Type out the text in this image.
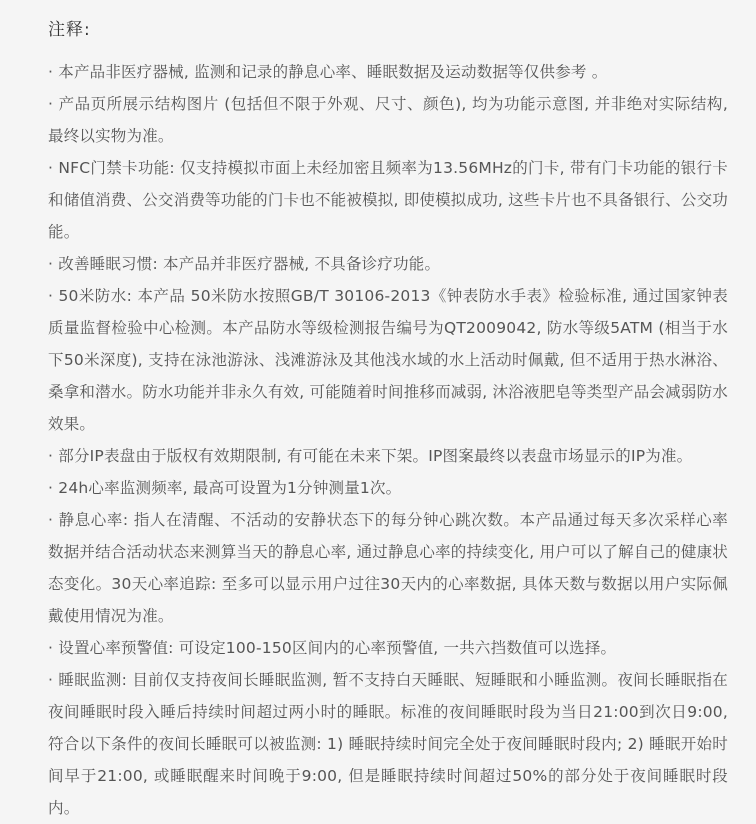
注释:
· 本产品非医疗器械, 监测和记录的静息心率、睡眠数据及运动数据等仅供参考 。
· 产品页所展示结构图片 (包括但不限于外观、尺寸、颜色), 均为功能示意图, 并非绝对实际结构, 最终以实物为准。
· NFC门禁卡功能: 仅支持模拟市面上未经加密且频率为13.56MHz的门卡, 带有门卡功能的银行卡和储值消费、公交消费等功能的门卡也不能被模拟, 即使模拟成功, 这些卡片也不具备银行、公交功能。
· 改善睡眠习惯: 本产品并非医疗器械, 不具备诊疗功能。
· 50米防水: 本产品 50米防水按照GB/T 30106-2013《钟表防水手表》检验标准, 通过国家钟表质量监督检验中心检测。本产品防水等级检测报告编号为QT2009042, 防水等级5ATM (相当于水下50米深度), 支持在泳池游泳、浅滩游泳及其他浅水域的水上活动时佩戴, 但不适用于热水淋浴、桑拿和潜水。防水功能并非永久有效, 可能随着时间推移而减弱, 沐浴液肥皂等类型产品会减弱防水效果。
· 部分IP表盘由于版权有效期限制, 有可能在未来下架。IP图案最终以表盘市场显示的IP为准。
· 24h心率监测频率, 最高可设置为1分钟测量1次。
· 静息心率: 指人在清醒、不活动的安静状态下的每分钟心跳次数。本产品通过每天多次采样心率数据并结合活动状态来测算当天的静息心率, 通过静息心率的持续变化, 用户可以了解自己的健康状态变化。30天心率追踪: 至多可以显示用户过往30天内的心率数据, 具体天数与数据以用户实际佩戴使用情况为准。
· 设置心率预警值: 可设定100-150区间内的心率预警值, 一共六挡数值可以选择。
· 睡眠监测: 目前仅支持夜间长睡眠监测, 暂不支持白天睡眠、短睡眠和小睡监测。夜间长睡眠指在夜间睡眠时段入睡后持续时间超过两小时的睡眠。标准的夜间睡眠时段为当日21:00到次日9:00, 符合以下条件的夜间长睡眠可以被监测: 1) 睡眠持续时间完全处于夜间睡眠时段内; 2) 睡眠开始时间早于21:00, 或睡眠醒来时间晚于9:00, 但是睡眠持续时间超过50%的部分处于夜间睡眠时段内。
